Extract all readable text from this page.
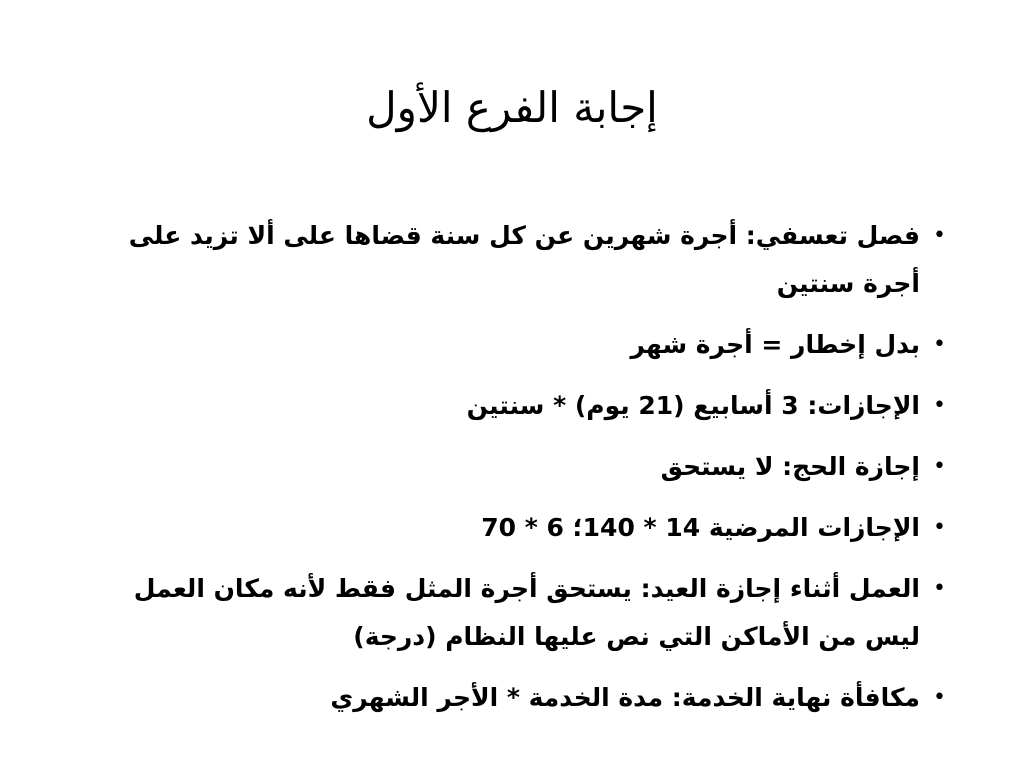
إجابة الفرع الأول
•
فصل تعسفي: أجرة شهرين عن كل سنة قضاها على ألا تزيد على أجرة سنتين
•
بدل إخطار = أجرة شهر
•
الإجازات: 3 أسابيع (21 يوم) * سنتين
•
إجازة الحج: لا يستحق
•
الإجازات المرضية 14 * 140؛ 6 * 70
•
العمل أثناء إجازة العيد: يستحق أجرة المثل فقط لأنه مكان العمل ليس من الأماكن التي نص عليها النظام (درجة)
•
مكافأة نهاية الخدمة: مدة الخدمة * الأجر الشهري
